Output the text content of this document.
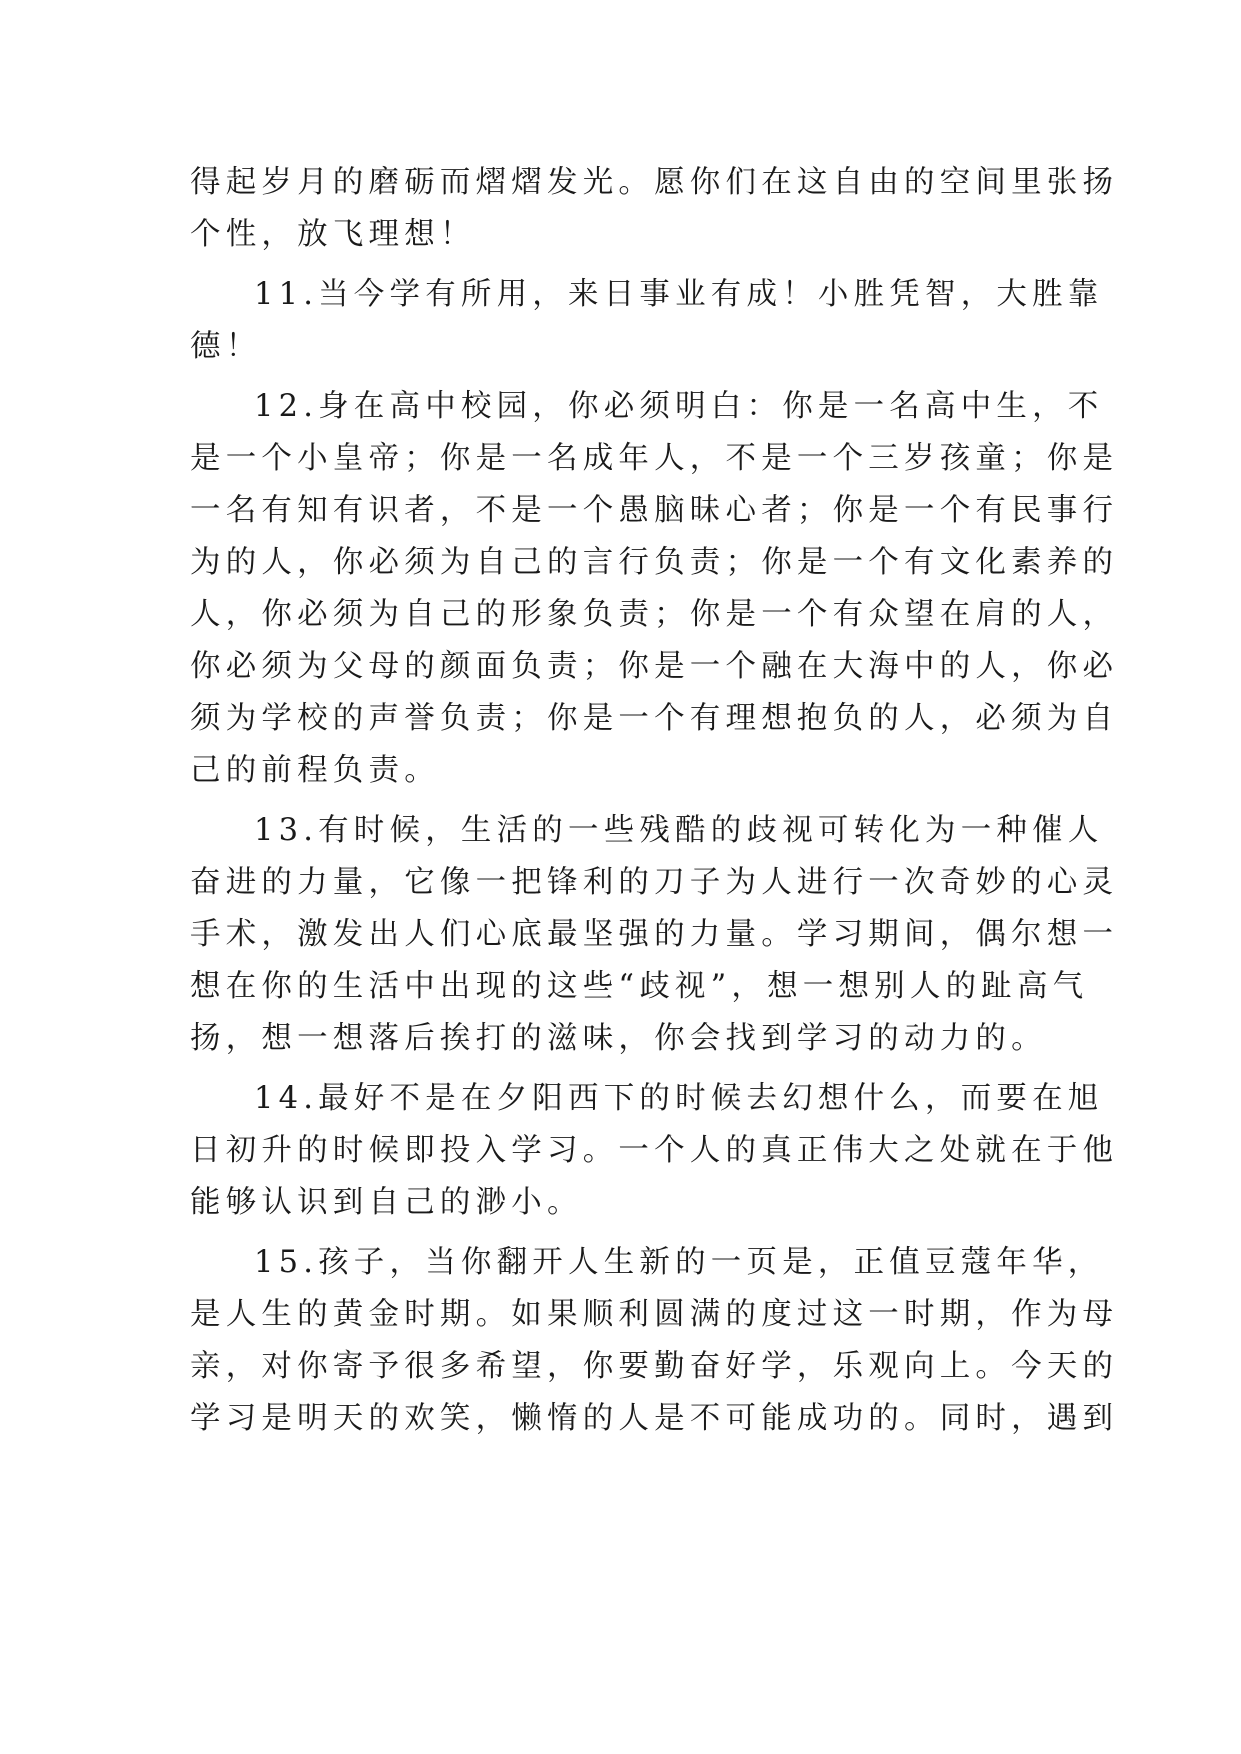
得起岁月的磨砺而熠熠发光。愿你们在这自由的空间里张扬
个性，放飞理想！
11.当今学有所用，来日事业有成！小胜凭智，大胜靠
德！
12.身在高中校园，你必须明白：你是一名高中生，不
是一个小皇帝；你是一名成年人，不是一个三岁孩童；你是
一名有知有识者，不是一个愚脑昧心者；你是一个有民事行
为的人，你必须为自己的言行负责；你是一个有文化素养的
人，你必须为自己的形象负责；你是一个有众望在肩的人，
你必须为父母的颜面负责；你是一个融在大海中的人，你必
须为学校的声誉负责；你是一个有理想抱负的人，必须为自
己的前程负责。
13.有时候，生活的一些残酷的歧视可转化为一种催人
奋进的力量，它像一把锋利的刀子为人进行一次奇妙的心灵
手术，激发出人们心底最坚强的力量。学习期间，偶尔想一
想在你的生活中出现的这些“歧视”，想一想别人的趾高气
扬，想一想落后挨打的滋味，你会找到学习的动力的。
14.最好不是在夕阳西下的时候去幻想什么，而要在旭
日初升的时候即投入学习。一个人的真正伟大之处就在于他
能够认识到自己的渺小。
15.孩子，当你翻开人生新的一页是，正值豆蔻年华，
是人生的黄金时期。如果顺利圆满的度过这一时期，作为母
亲，对你寄予很多希望，你要勤奋好学，乐观向上。今天的
学习是明天的欢笑，懒惰的人是不可能成功的。同时，遇到
